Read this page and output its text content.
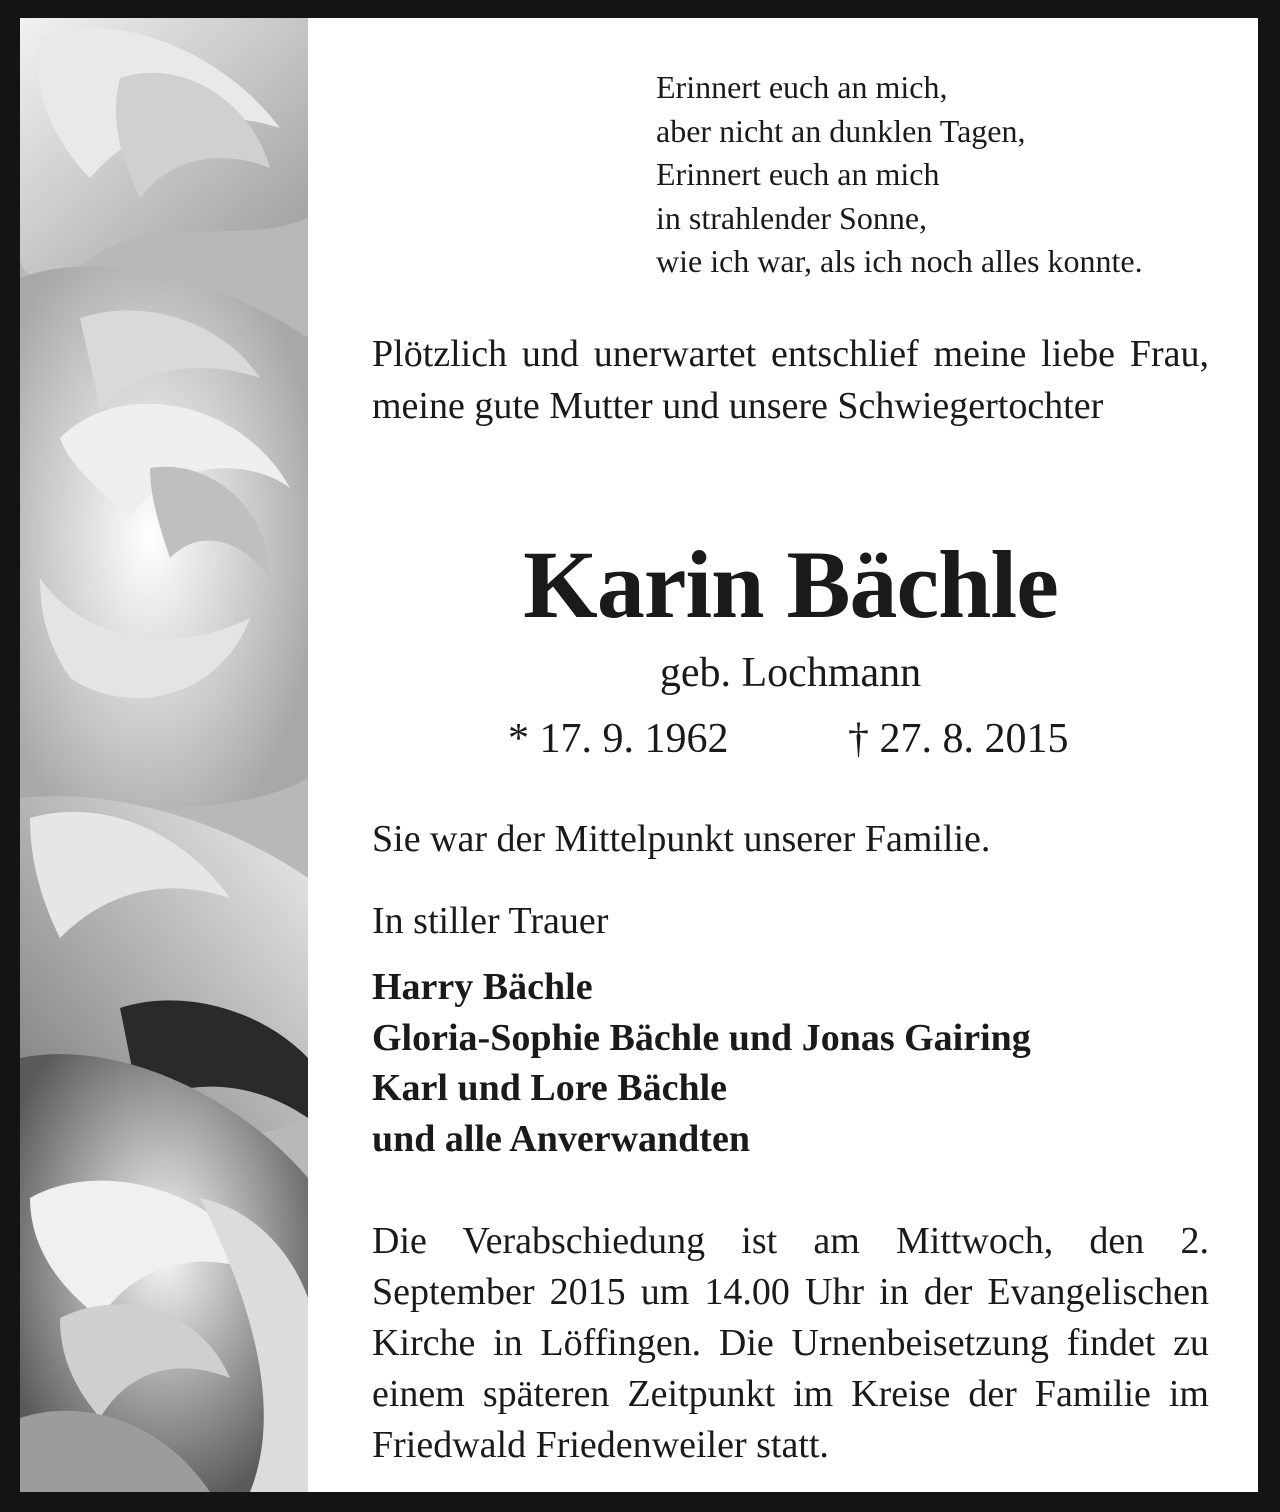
Erinnert euch an mich,
aber nicht an dunklen Tagen,
Erinnert euch an mich
in strahlender Sonne,
wie ich war, als ich noch alles konnte.

Plötzlich und unerwartet entschlief meine liebe Frau, meine gute Mutter und unsere Schwiegertochter

Karin Bächle
geb. Lochmann
* 17. 9. 1962	† 27. 8. 2015

Sie war der Mittelpunkt unserer Familie.

In stiller Trauer

Harry Bächle
Gloria-Sophie Bächle und Jonas Gairing
Karl und Lore Bächle
und alle Anverwandten

Die Verabschiedung ist am Mittwoch, den 2. September 2015 um 14.00 Uhr in der Evangelischen Kirche in Löffingen. Die Urnenbeisetzung findet zu einem späteren Zeitpunkt im Kreise der Familie im Friedwald Friedenweiler statt.
